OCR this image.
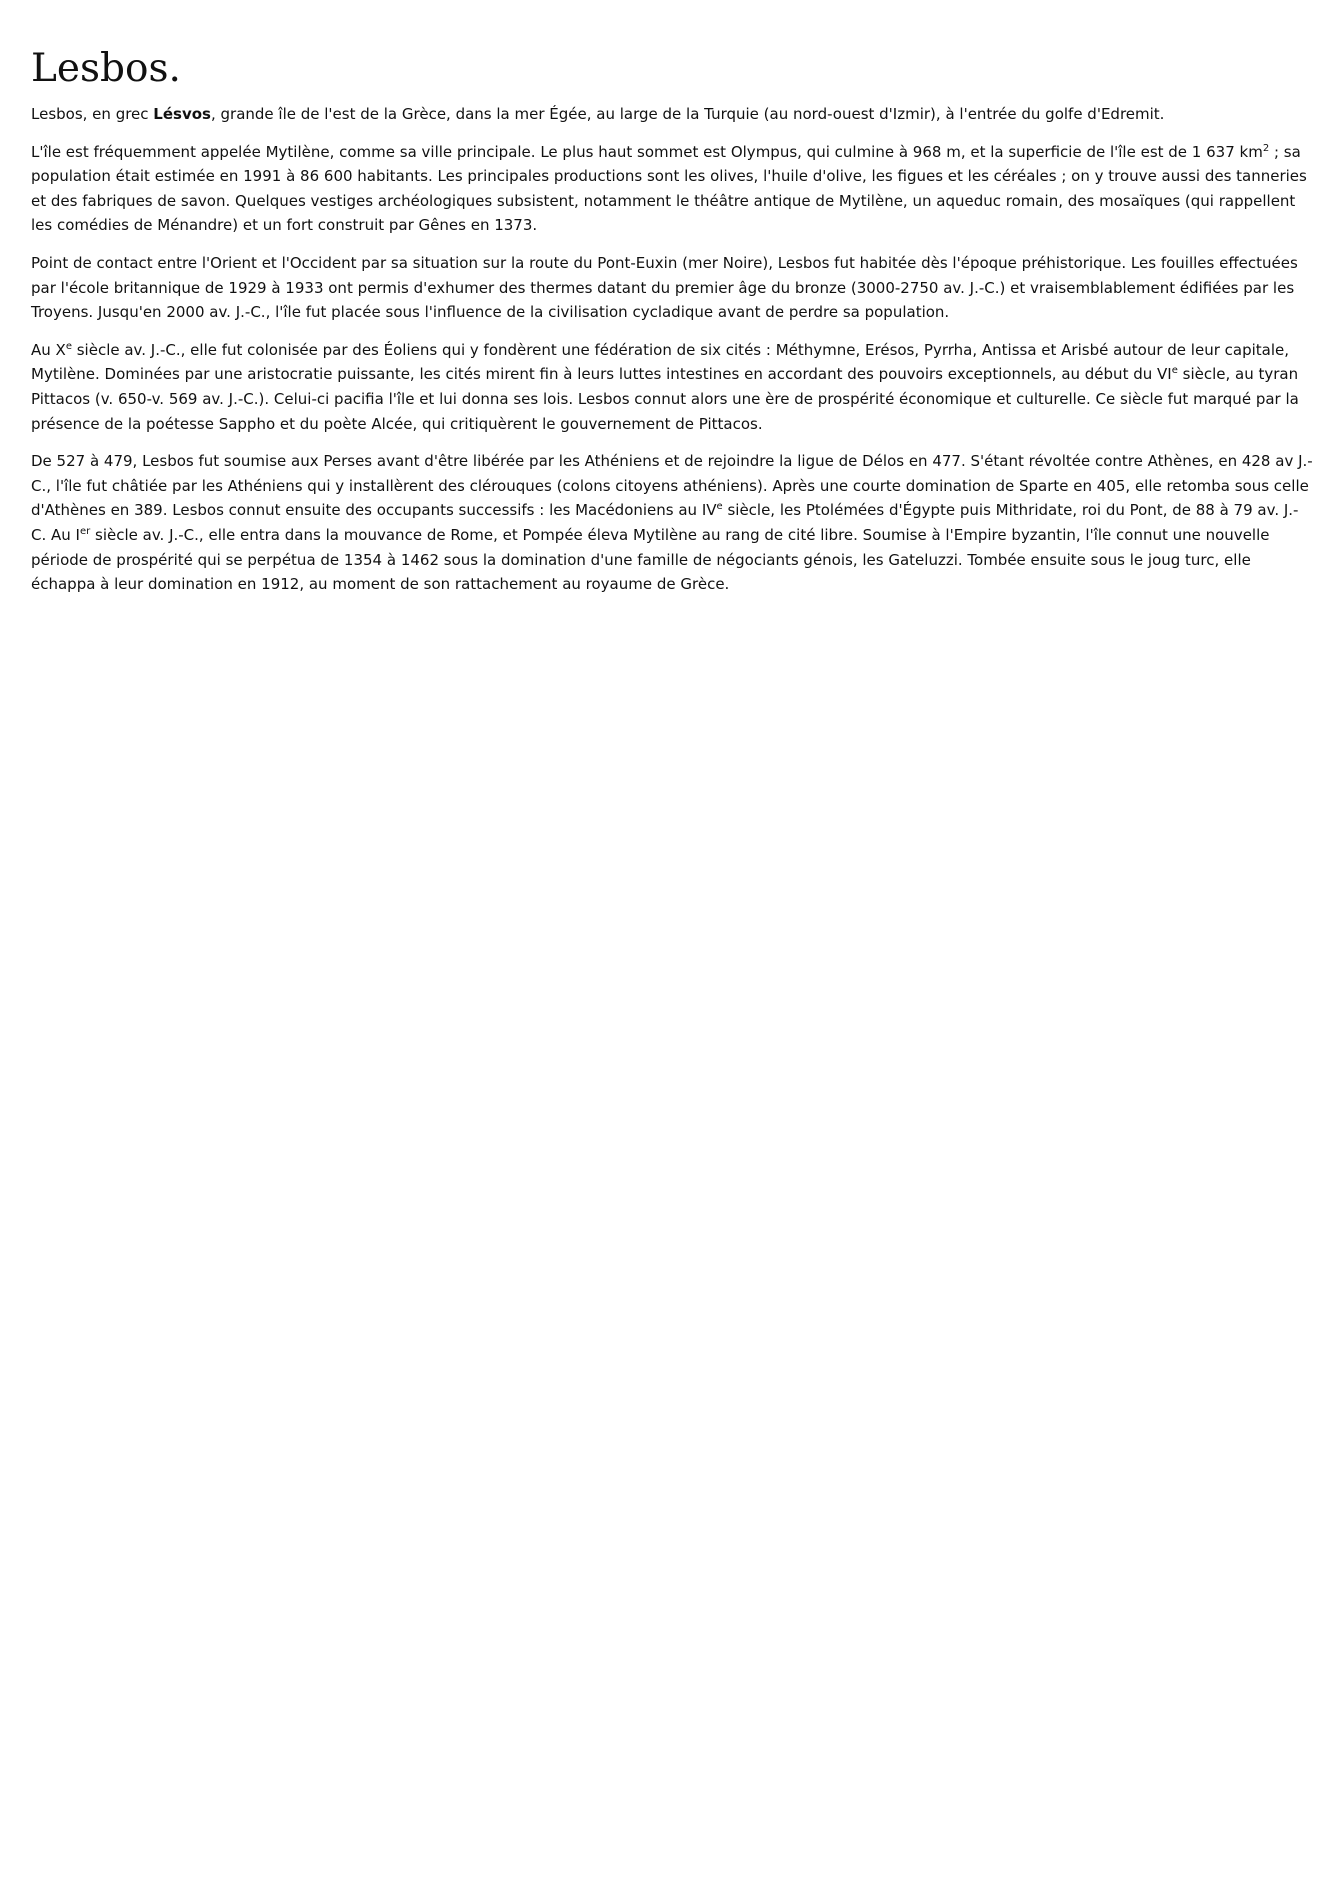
Lesbos.

Lesbos, en grec Lésvos, grande île de l'est de la Grèce, dans la mer Égée, au large de la Turquie (au nord-ouest d'Izmir), à l'entrée du golfe d'Edremit.

L'île est fréquemment appelée Mytilène, comme sa ville principale. Le plus haut sommet est Olympus, qui culmine à 968 m, et la superficie de l'île est de 1 637 $km^2$ ; sa population était estimée en 1991 à 86 600 habitants. Les principales productions sont les olives, l'huile d'olive, les figues et les céréales ; on y trouve aussi des tanneries et des fabriques de savon. Quelques vestiges archéologiques subsistent, notamment le théâtre antique de Mytilène, un aqueduc romain, des mosaïques (qui rappellent les comédies de Ménandre) et un fort construit par Gênes en 1373.

Point de contact entre l'Orient et l'Occident par sa situation sur la route du Pont-Euxin (mer Noire), Lesbos fut habitée dès l'époque préhistorique. Les fouilles effectuées par l'école britannique de 1929 à 1933 ont permis d'exhumer des thermes datant du premier âge du bronze (3000-2750 av. J.-C.) et vraisemblablement édifiées par les Troyens. Jusqu'en 2000 av. J.-C., l'île fut placée sous l'influence de la civilisation cycladique avant de perdre sa population.

Au Xe siècle av. J.-C., elle fut colonisée par des Éoliens qui y fondèrent une fédération de six cités : Méthymne, Erésos, Pyrrha, Antissa et Arisbé autour de leur capitale, Mytilène. Dominées par une aristocratie puissante, les cités mirent fin à leurs luttes intestines en accordant des pouvoirs exceptionnels, au début du VIe siècle, au tyran Pittacos (v. 650-v. 569 av. J.-C.). Celui-ci pacifia l'île et lui donna ses lois. Lesbos connut alors une ère de prospérité économique et culturelle. Ce siècle fut marqué par la présence de la poétesse Sappho et du poète Alcée, qui critiquèrent le gouvernement de Pittacos.

De 527 à 479, Lesbos fut soumise aux Perses avant d'être libérée par les Athéniens et de rejoindre la ligue de Délos en 477. S'étant révoltée contre Athènes, en 428 av J.-C., l'île fut châtiée par les Athéniens qui y installèrent des clérouques (colons citoyens athéniens). Après une courte domination de Sparte en 405, elle retomba sous celle d'Athènes en 389. Lesbos connut ensuite des occupants successifs : les Macédoniens au IVe siècle, les Ptolémées d'Égypte puis Mithridate, roi du Pont, de 88 à 79 av. J.-C. Au Ier siècle av. J.-C., elle entra dans la mouvance de Rome, et Pompée éleva Mytilène au rang de cité libre. Soumise à l'Empire byzantin, l'île connut une nouvelle période de prospérité qui se perpétua de 1354 à 1462 sous la domination d'une famille de négociants génois, les Gateluzzi. Tombée ensuite sous le joug turc, elle échappa à leur domination en 1912, au moment de son rattachement au royaume de Grèce.
